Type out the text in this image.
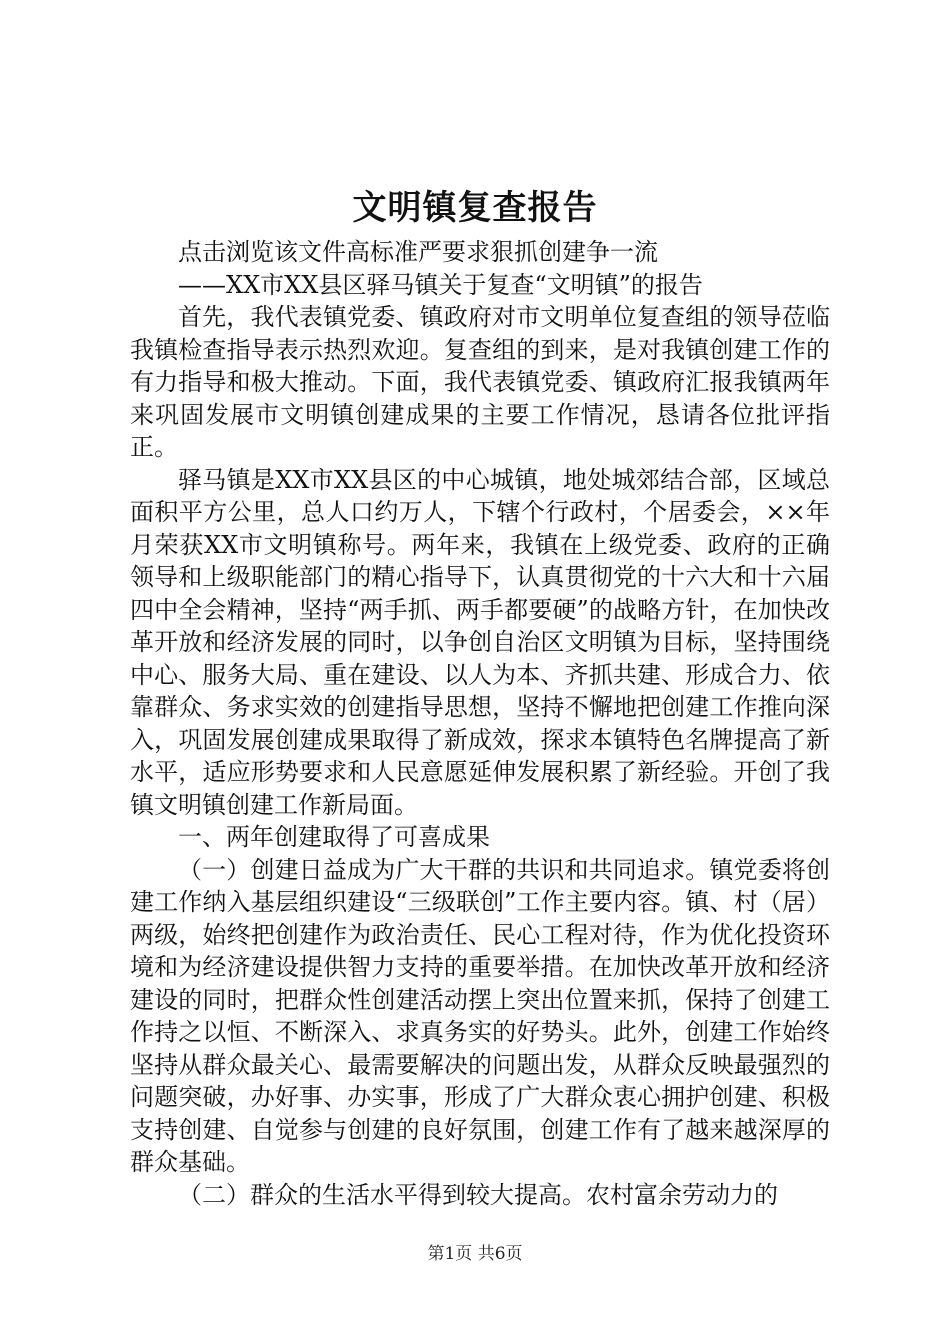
文明镇复查报告

点击浏览该文件高标准严要求狠抓创建争一流

——XX市XX县区驿马镇关于复查“文明镇”的报告

首先，我代表镇党委、镇政府对市文明单位复查组的领导莅临我镇检查指导表示热烈欢迎。复查组的到来，是对我镇创建工作的有力指导和极大推动。下面，我代表镇党委、镇政府汇报我镇两年来巩固发展市文明镇创建成果的主要工作情况，恳请各位批评指正。

驿马镇是XX市XX县区的中心城镇，地处城郊结合部，区域总面积平方公里，总人口约万人，下辖个行政村，个居委会，××年月荣获XX市文明镇称号。两年来，我镇在上级党委、政府的正确领导和上级职能部门的精心指导下，认真贯彻党的十六大和十六届四中全会精神，坚持“两手抓、两手都要硬”的战略方针，在加快改革开放和经济发展的同时，以争创自治区文明镇为目标，坚持围绕中心、服务大局、重在建设、以人为本、齐抓共建、形成合力、依靠群众、务求实效的创建指导思想，坚持不懈地把创建工作推向深入，巩固发展创建成果取得了新成效，探求本镇特色名牌提高了新水平，适应形势要求和人民意愿延伸发展积累了新经验。开创了我镇文明镇创建工作新局面。

一、两年创建取得了可喜成果

（一）创建日益成为广大干群的共识和共同追求。镇党委将创建工作纳入基层组织建设“三级联创”工作主要内容。镇、村（居）两级，始终把创建作为政治责任、民心工程对待，作为优化投资环境和为经济建设提供智力支持的重要举措。在加快改革开放和经济建设的同时，把群众性创建活动摆上突出位置来抓，保持了创建工作持之以恒、不断深入、求真务实的好势头。此外，创建工作始终坚持从群众最关心、最需要解决的问题出发，从群众反映最强烈的问题突破，办好事、办实事，形成了广大群众衷心拥护创建、积极支持创建、自觉参与创建的良好氛围，创建工作有了越来越深厚的群众基础。

（二）群众的生活水平得到较大提高。农村富余劳动力的

第1页 共6页
